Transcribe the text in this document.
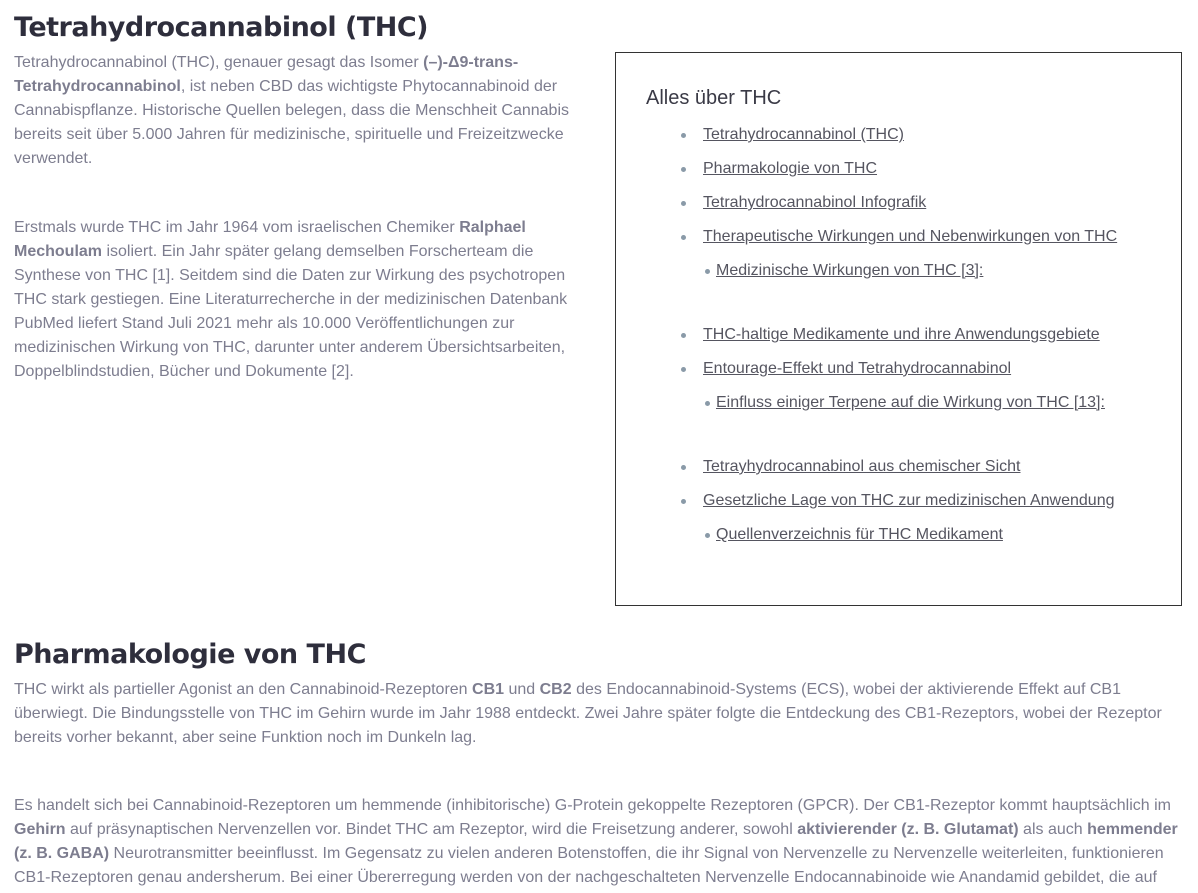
Tetrahydrocannabinol (THC)

Tetrahydrocannabinol (THC), genauer gesagt das Isomer (–)-Δ9-trans-Tetrahydrocannabinol, ist neben CBD das wichtigste Phytocannabinoid der Cannabispflanze. Historische Quellen belegen, dass die Menschheit Cannabis bereits seit über 5.000 Jahren für medizinische, spirituelle und Freizeitzwecke verwendet.

Erstmals wurde THC im Jahr 1964 vom israelischen Chemiker Ralphael Mechoulam isoliert. Ein Jahr später gelang demselben Forscherteam die Synthese von THC [1]. Seitdem sind die Daten zur Wirkung des psychotropen THC stark gestiegen. Eine Literaturrecherche in der medizinischen Datenbank PubMed liefert Stand Juli 2021 mehr als 10.000 Veröffentlichungen zur medizinischen Wirkung von THC, darunter unter anderem Übersichtsarbeiten, Doppelblindstudien, Bücher und Dokumente [2].

Alles über THC
Tetrahydrocannabinol (THC)
Pharmakologie von THC
Tetrahydrocannabinol Infografik
Therapeutische Wirkungen und Nebenwirkungen von THC
Medizinische Wirkungen von THC [3]:
THC-haltige Medikamente und ihre Anwendungsgebiete
Entourage-Effekt und Tetrahydrocannabinol
Einfluss einiger Terpene auf die Wirkung von THC [13]:
Tetrayhydrocannabinol aus chemischer Sicht
Gesetzliche Lage von THC zur medizinischen Anwendung
Quellenverzeichnis für THC Medikament
Pharmakologie von THC

THC wirkt als partieller Agonist an den Cannabinoid-Rezeptoren CB1 und CB2 des Endocannabinoid-Systems (ECS), wobei der aktivierende Effekt auf CB1 überwiegt. Die Bindungsstelle von THC im Gehirn wurde im Jahr 1988 entdeckt. Zwei Jahre später folgte die Entdeckung des CB1-Rezeptors, wobei der Rezeptor bereits vorher bekannt, aber seine Funktion noch im Dunkeln lag.

Es handelt sich bei Cannabinoid-Rezeptoren um hemmende (inhibitorische) G-Protein gekoppelte Rezeptoren (GPCR). Der CB1-Rezeptor kommt hauptsächlich im Gehirn auf präsynaptischen Nervenzellen vor. Bindet THC am Rezeptor, wird die Freisetzung anderer, sowohl aktivierender (z. B. Glutamat) als auch hemmender (z. B. GABA) Neurotransmitter beeinflusst. Im Gegensatz zu vielen anderen Botenstoffen, die ihr Signal von Nervenzelle zu Nervenzelle weiterleiten, funktionieren CB1-Rezeptoren genau andersherum. Bei einer Übererregung werden von der nachgeschalteten Nervenzelle Endocannabinoide wie Anandamid gebildet, die auf
